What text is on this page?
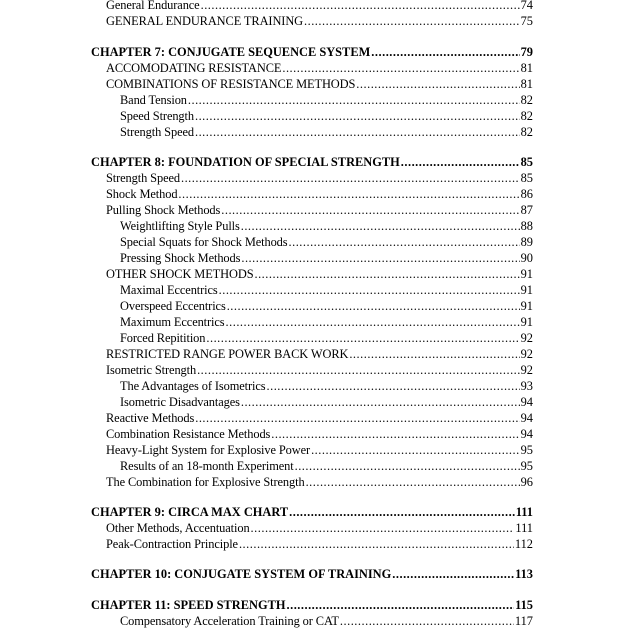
General Endurance .....	74
GENERAL ENDURANCE TRAINING .....	75
CHAPTER 7: CONJUGATE SEQUENCE SYSTEM .....	79
ACCOMODATING RESISTANCE .....	81
COMBINATIONS OF RESISTANCE METHODS .....	81
Band Tension .....	82
Speed Strength .....	82
Strength Speed .....	82
CHAPTER 8: FOUNDATION OF SPECIAL STRENGTH .....	85
Strength Speed .....	85
Shock Method .....	86
Pulling Shock Methods .....	87
Weightlifting Style Pulls .....	88
Special Squats for Shock Methods .....	89
Pressing Shock Methods .....	90
OTHER SHOCK METHODS .....	91
Maximal Eccentrics .....	91
Overspeed Eccentrics .....	91
Maximum Eccentrics .....	91
Forced Repitition .....	92
RESTRICTED RANGE POWER BACK WORK .....	92
Isometric Strength .....	92
The Advantages of Isometrics .....	93
Isometric Disadvantages .....	94
Reactive Methods .....	94
Combination Resistance Methods .....	94
Heavy-Light System for Explosive Power .....	95
Results of an 18-month Experiment .....	95
The Combination for Explosive Strength .....	96
CHAPTER 9: CIRCA MAX CHART .....	111
Other Methods, Accentuation .....	111
Peak-Contraction Principle .....	112
CHAPTER 10: CONJUGATE SYSTEM OF TRAINING .....	113
CHAPTER 11: SPEED STRENGTH .....	115
Compensatory Acceleration Training or CAT .....	117
